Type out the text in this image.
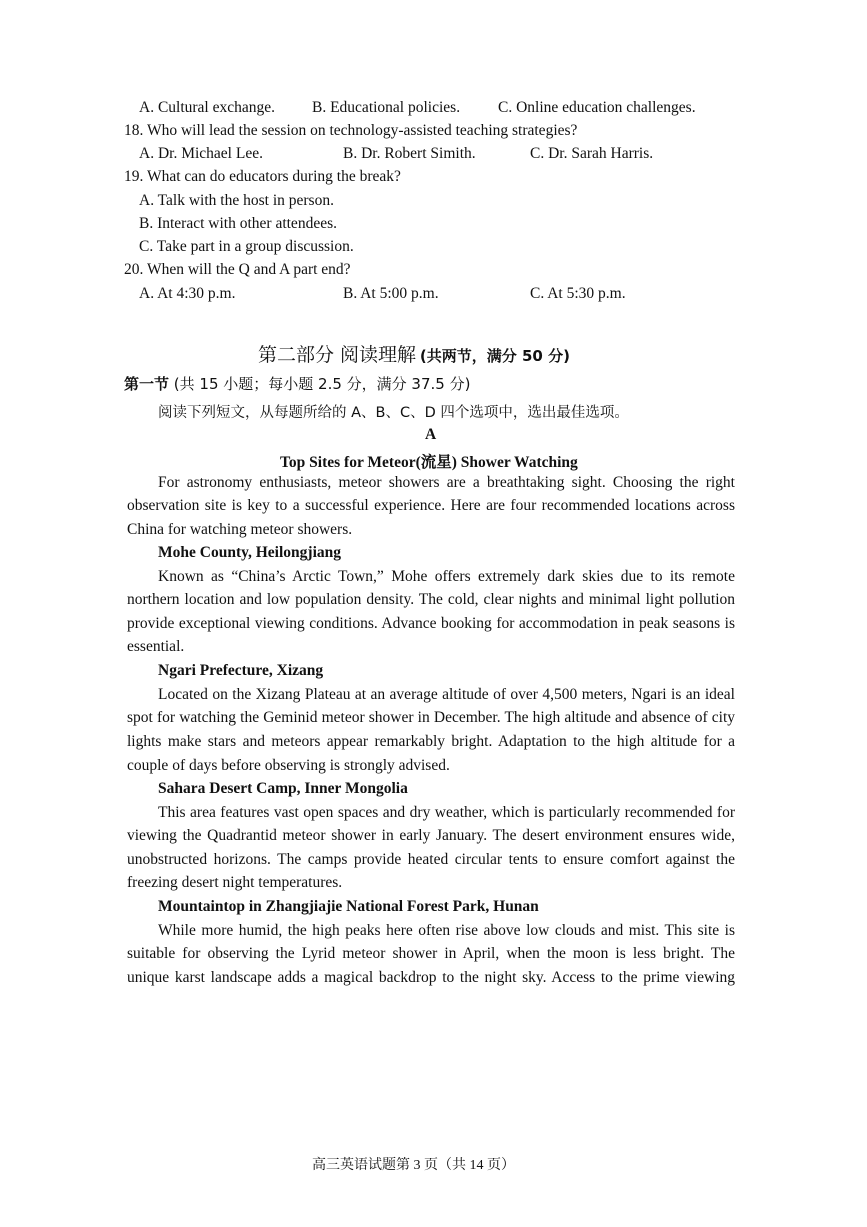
A. Cultural exchange. B. Educational policies. C. Online education challenges.
18. Who will lead the session on technology-assisted teaching strategies?
A. Dr. Michael Lee.	B. Dr. Robert Simith.	C. Dr. Sarah Harris.
19. What can do educators during the break?
A. Talk with the host in person.
B. Interact with other attendees.
C. Take part in a group discussion.
20. When will the Q and A part end?
A. At 4:30 p.m.	B. At 5:00 p.m.	C. At 5:30 p.m.
第二部分 阅读理解 (共两节，满分 50 分)
第一节 (共 15 小题；每小题 2.5 分，满分 37.5 分)
阅读下列短文，从每题所给的 A、B、C、D 四个选项中，选出最佳选项。
A
Top Sites for Meteor(流星) Shower Watching
For astronomy enthusiasts, meteor showers are a breathtaking sight. Choosing the right
observation site is key to a successful experience. Here are four recommended locations across
China for watching meteor showers.
Mohe County, Heilongjiang
Known as “China’s Arctic Town,” Mohe offers extremely dark skies due to its remote
northern location and low population density. The cold, clear nights and minimal light pollution
provide exceptional viewing conditions. Advance booking for accommodation in peak seasons is
essential.
Ngari Prefecture, Xizang
Located on the Xizang Plateau at an average altitude of over 4,500 meters, Ngari is an ideal
spot for watching the Geminid meteor shower in December. The high altitude and absence of city
lights make stars and meteors appear remarkably bright. Adaptation to the high altitude for a
couple of days before observing is strongly advised.
Sahara Desert Camp, Inner Mongolia
This area features vast open spaces and dry weather, which is particularly recommended for
viewing the Quadrantid meteor shower in early January. The desert environment ensures wide,
unobstructed horizons. The camps provide heated circular tents to ensure comfort against the
freezing desert night temperatures.
Mountaintop in Zhangjiajie National Forest Park, Hunan
While more humid, the high peaks here often rise above low clouds and mist. This site is
suitable for observing the Lyrid meteor shower in April, when the moon is less bright. The
unique karst landscape adds a magical backdrop to the night sky. Access to the prime viewing
高三英语试题第 3 页（共 14 页）
